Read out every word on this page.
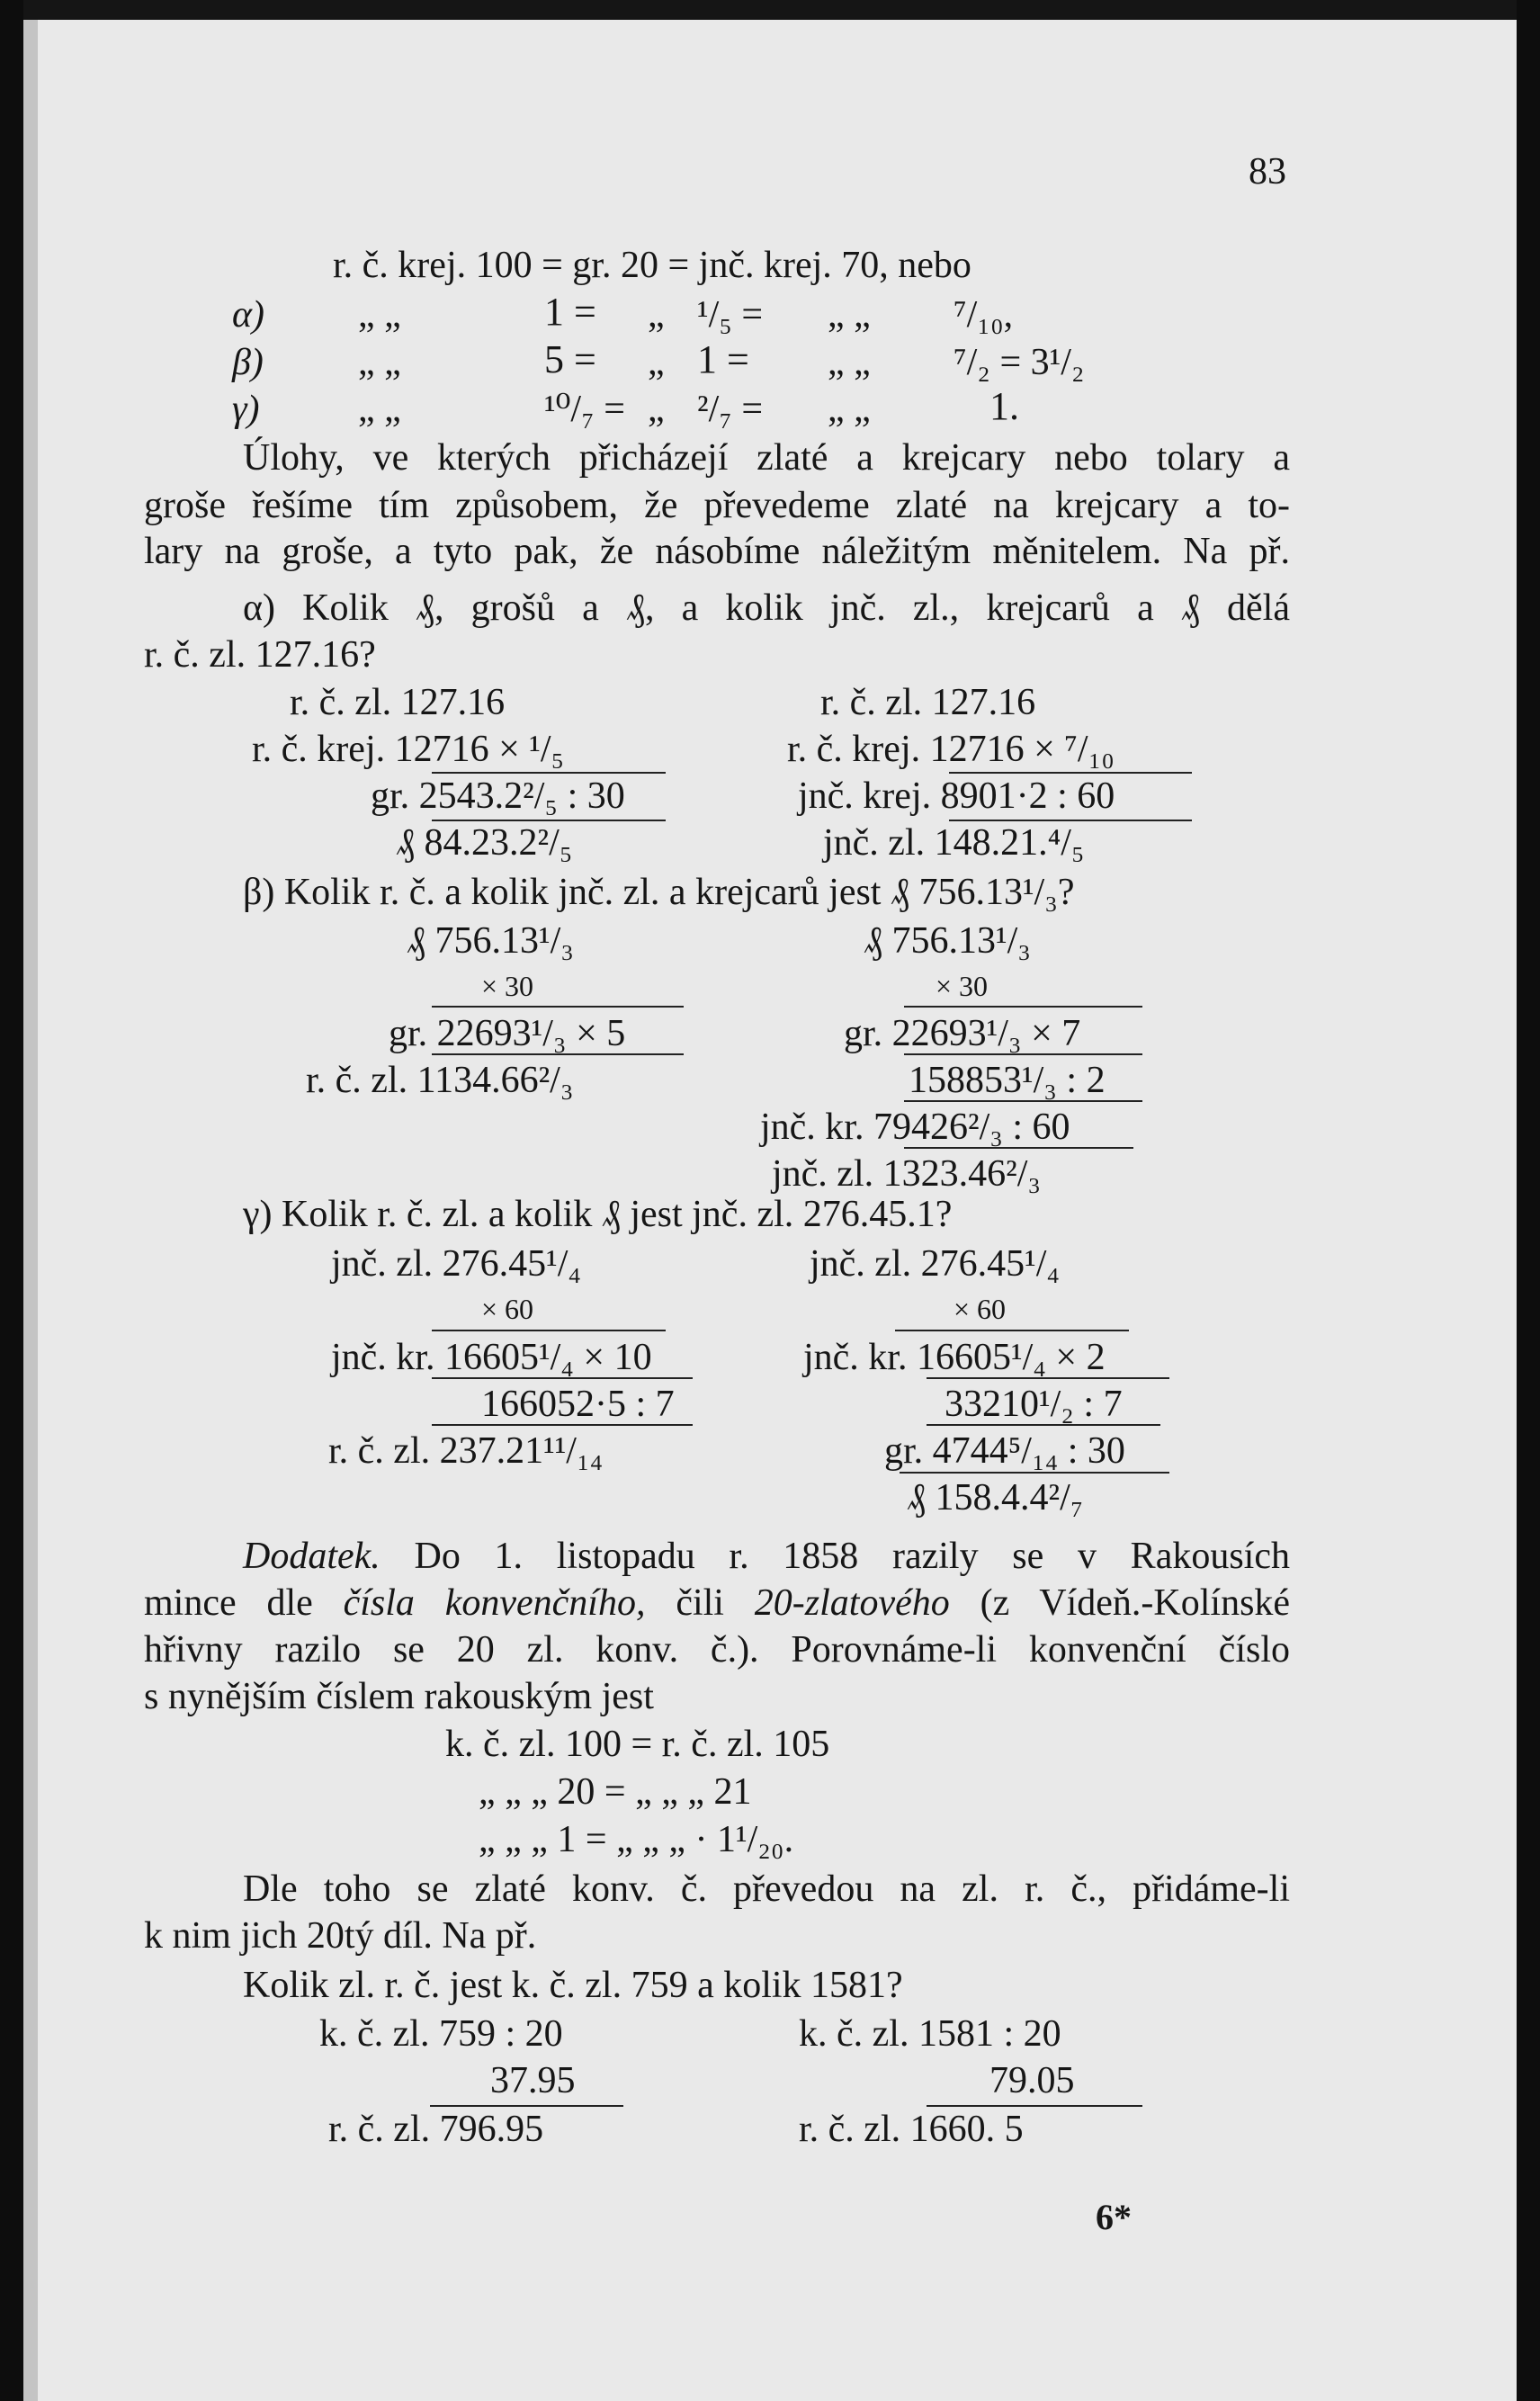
83
r. č. krej. 100 = gr. 20 = jnč. krej. 70, nebo
α) „ „	1 = „ ¹/₅ = „ „ ⁷/₁₀,
β)	„ „	5 = „ 1 = „ „ ⁷/₂ = 3¹/₂
γ)	„ „	¹⁰/₇ = „ ²/₇ = „ „	1.
Úlohy, ve kterých přicházejí zlaté a krejcary nebo tolary a
groše řešíme tím způsobem, že převedeme zlaté na krejcary a to-
lary na groše, a tyto pak, že násobíme náležitým měnitelem. Na př.
α) Kolik ₰, grošů a ₰, a kolik jnč. zl., krejcarů a ₰ dělá
r. č. zl. 127.16?
r. č. zl. 127.16
r. č. krej. 12716 × ¹/₅
gr. 2543.2²/₅ : 30
₰ 84.23.2²/₅
r. č. zl. 127.16
r. č. krej. 12716 × ⁷/₁₀
jnč. krej. 8901·2 : 60
jnč. zl. 148.21.⁴/₅
β) Kolik r. č. a kolik jnč. zl. a krejcarů jest ₰ 756.13¹/₃?
₰ 756.13¹/₃
× 30
gr. 22693¹/₃ × 5
r. č. zl. 1134.66²/₃
₰ 756.13¹/₃
× 30
gr. 22693¹/₃ × 7
158853¹/₃ : 2
jnč. kr. 79426²/₃ : 60
jnč. zl. 1323.46²/₃
γ) Kolik r. č. zl. a kolik ₰ jest jnč. zl. 276.45.1?
jnč. zl. 276.45¹/₄
× 60
jnč. kr. 16605¹/₄ × 10
166052·5 : 7
r. č. zl. 237.21¹¹/₁₄
jnč. zl. 276.45¹/₄
× 60
jnč. kr. 16605¹/₄ × 2
33210¹/₂ : 7
gr. 4744⁵/₁₄ : 30
₰ 158.4.4²/₇
Dodatek. Do 1. listopadu r. 1858 razily se v Rakousích
mince dle čísla konvenčního, čili 20-zlatového (z Vídeň.-Kolínské
hřivny razilo se 20 zl. konv. č.). Porovnáme-li konvenční číslo
s nynějším číslem rakouským jest
k. č. zl. 100 = r. č. zl. 105
„ „ „ 20 = „ „ „ 21
„ „ „ 1 = „ „ „ · 1¹/₂₀.
Dle toho se zlaté konv. č. převedou na zl. r. č., přidáme-li
k nim jich 20tý díl. Na př.
Kolik zl. r. č. jest k. č. zl. 759 a kolik 1581?
k. č. zl. 759 : 20
37.95
r. č. zl. 796.95
k. č. zl. 1581 : 20
79.05
r. č. zl. 1660. 5
6*
